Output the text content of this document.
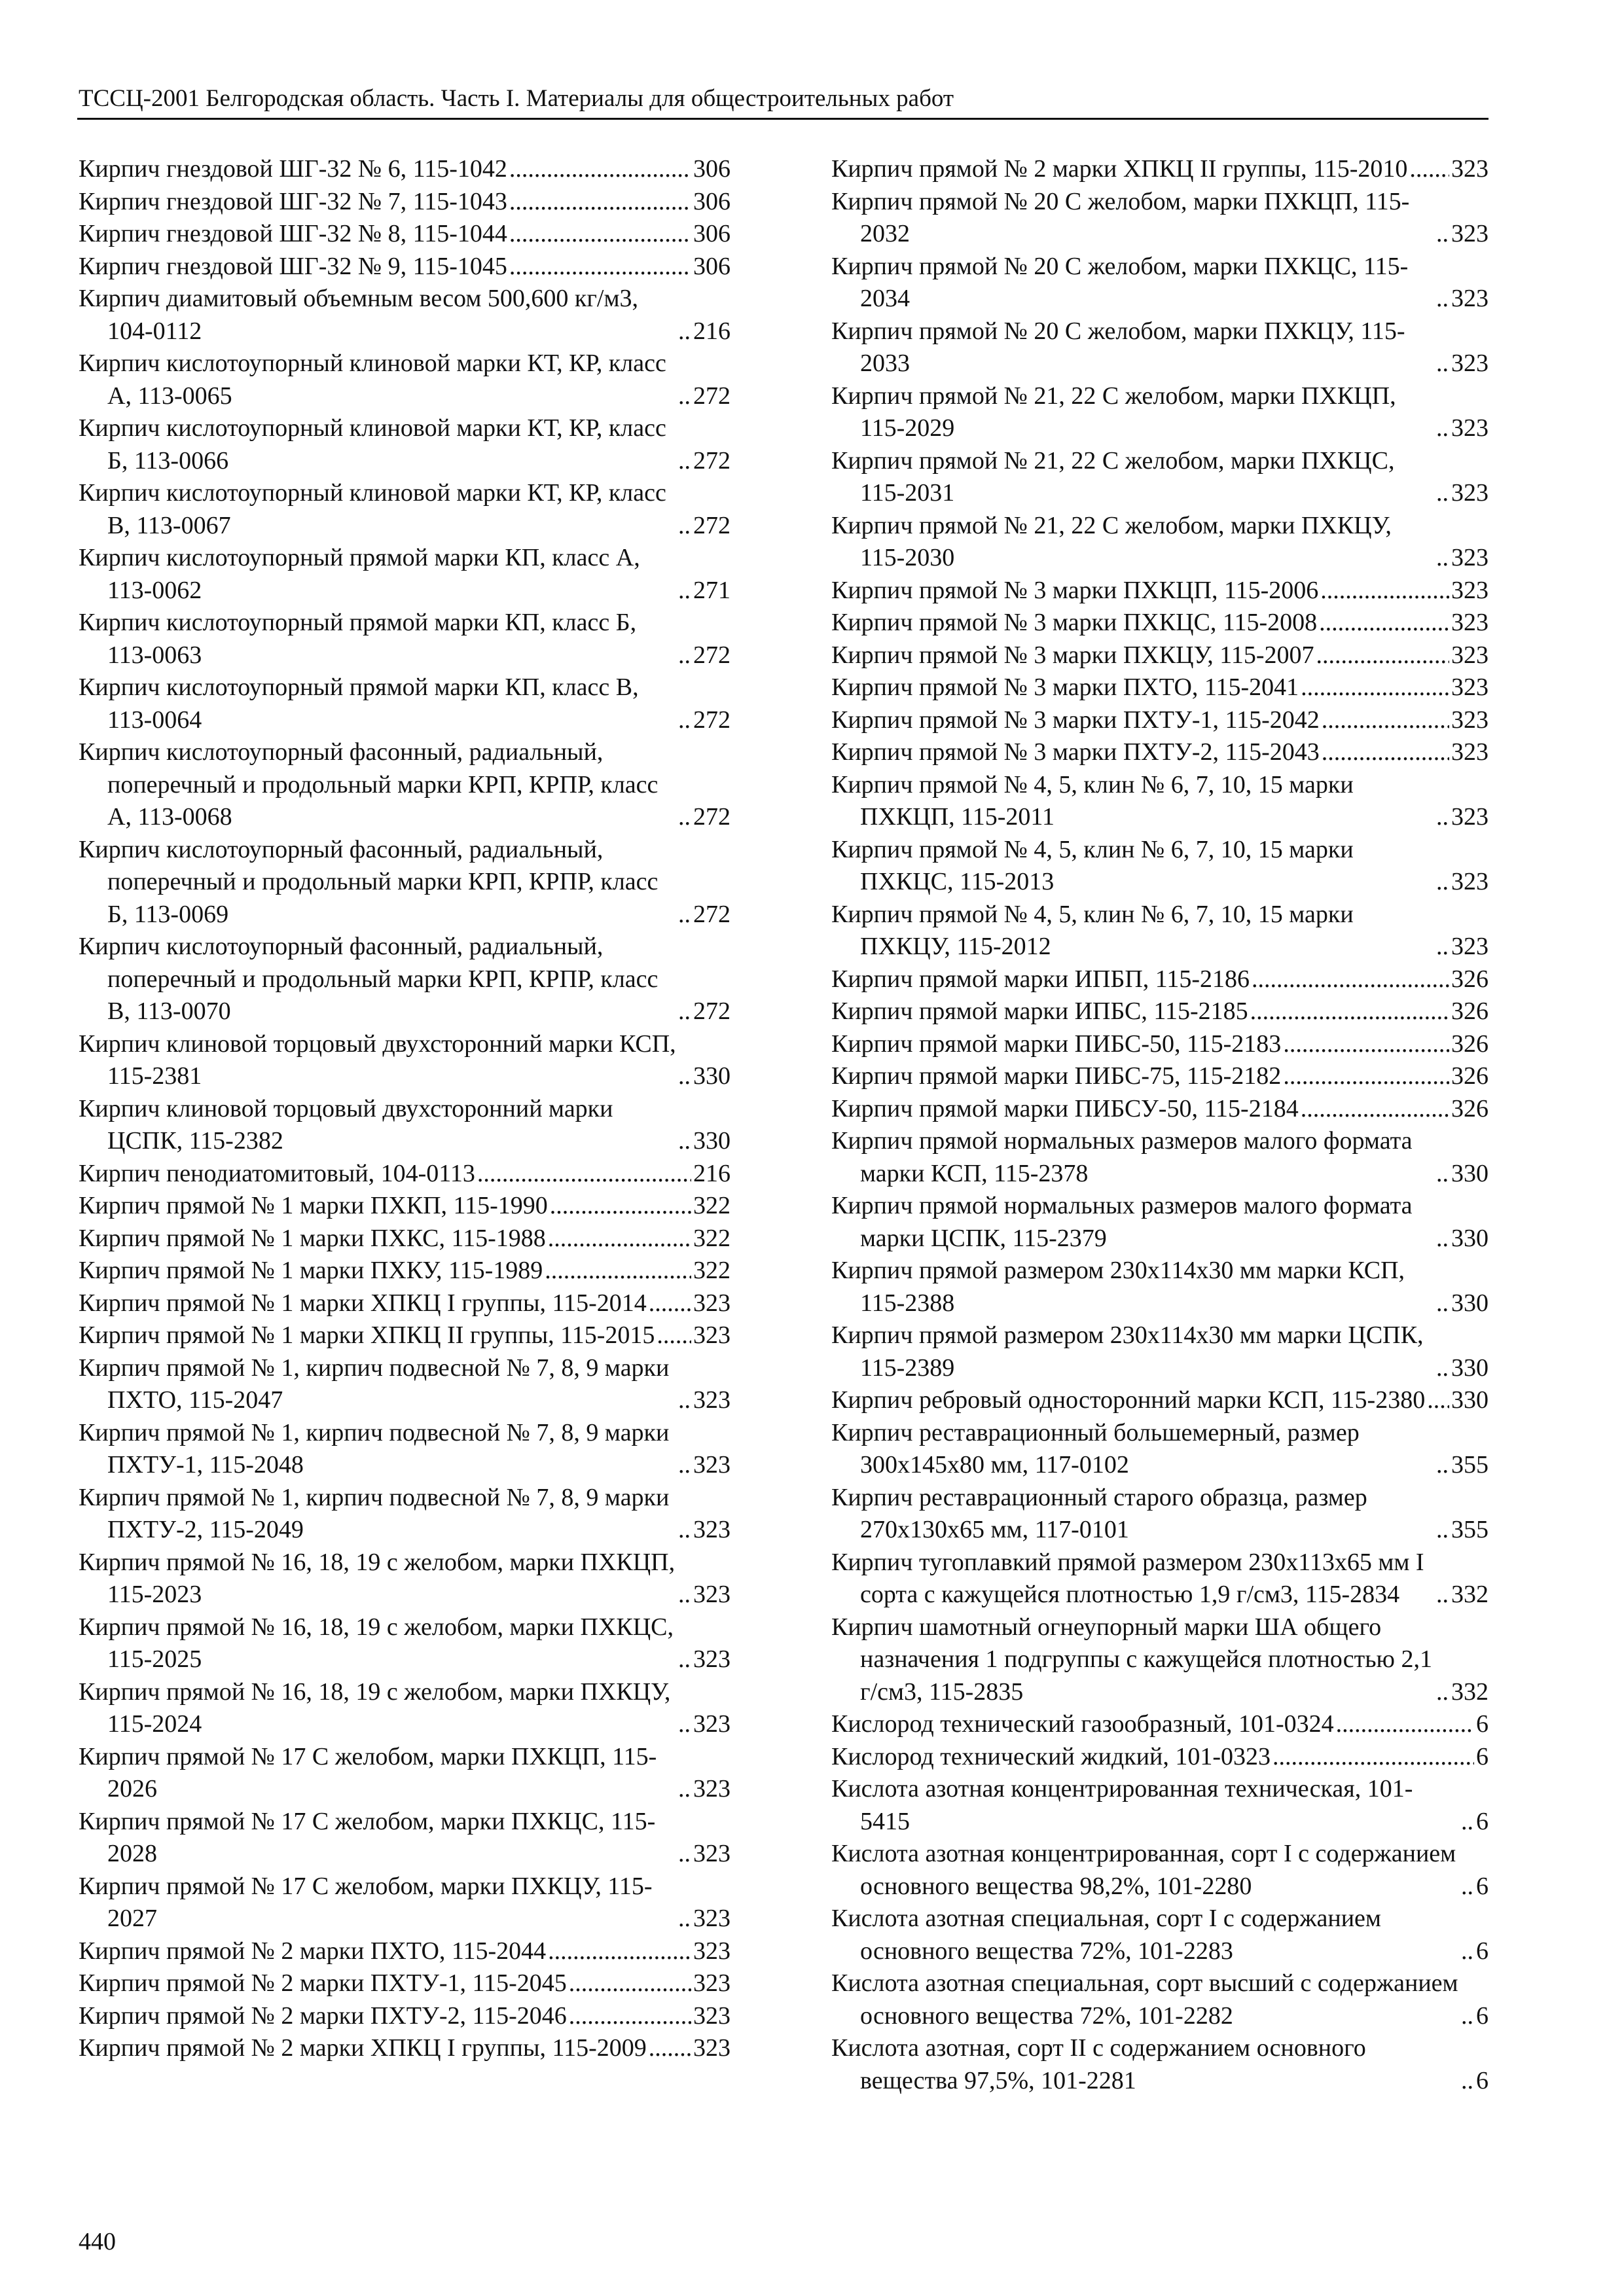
ТССЦ-2001 Белгородская область. Часть I. Материалы для общестроительных работ
Кирпич гнездовой ШГ-32 № 6, 115-1042 .....	306
Кирпич гнездовой ШГ-32 № 7, 115-1043 .....	306
Кирпич гнездовой ШГ-32 № 8, 115-1044 .....	306
Кирпич гнездовой ШГ-32 № 9, 115-1045 .....	306
Кирпич диамитовый объемным весом 500,600 кг/м3, 104-0112 .....	216
Кирпич кислотоупорный клиновой марки КТ, КР, класс А, 113-0065 .....	272
Кирпич кислотоупорный клиновой марки КТ, КР, класс Б, 113-0066 .....	272
Кирпич кислотоупорный клиновой марки КТ, КР, класс В, 113-0067 .....	272
Кирпич кислотоупорный прямой марки КП, класс А, 113-0062 .....	271
Кирпич кислотоупорный прямой марки КП, класс Б, 113-0063 .....	272
Кирпич кислотоупорный прямой марки КП, класс В, 113-0064 .....	272
Кирпич кислотоупорный фасонный, радиальный, поперечный и продольный марки КРП, КРПР, класс А, 113-0068 .....	272
Кирпич кислотоупорный фасонный, радиальный, поперечный и продольный марки КРП, КРПР, класс Б, 113-0069 .....	272
Кирпич кислотоупорный фасонный, радиальный, поперечный и продольный марки КРП, КРПР, класс В, 113-0070 .....	272
Кирпич клиновой торцовый двухсторонний марки КСП, 115-2381 .....	330
Кирпич клиновой торцовый двухсторонний марки ЦСПК, 115-2382 .....	330
Кирпич пенодиатомитовый, 104-0113 .....	216
Кирпич прямой № 1 марки ПХКП, 115-1990 .....	322
Кирпич прямой № 1 марки ПХКС, 115-1988 .....	322
Кирпич прямой № 1 марки ПХКУ, 115-1989 .....	322
Кирпич прямой № 1 марки ХПКЦ I группы, 115-2014 ..... 323
Кирпич прямой № 1 марки ХПКЦ II группы, 115-2015 ..... 323
Кирпич прямой № 1, кирпич подвесной № 7, 8, 9 марки ПХТО, 115-2047 .....	323
Кирпич прямой № 1, кирпич подвесной № 7, 8, 9 марки ПХТУ-1, 115-2048 .....	323
Кирпич прямой № 1, кирпич подвесной № 7, 8, 9 марки ПХТУ-2, 115-2049 .....	323
Кирпич прямой № 16, 18, 19 с желобом, марки ПХКЦП, 115-2023 .....	323
Кирпич прямой № 16, 18, 19 с желобом, марки ПХКЦС, 115-2025 .....	323
Кирпич прямой № 16, 18, 19 с желобом, марки ПХКЦУ, 115-2024 .....	323
Кирпич прямой № 17 С желобом, марки ПХКЦП, 115-2026 .....	323
Кирпич прямой № 17 С желобом, марки ПХКЦС, 115-2028 .....	323
Кирпич прямой № 17 С желобом, марки ПХКЦУ, 115-2027 .....	323
Кирпич прямой № 2 марки ПХТО, 115-2044 .....	323
Кирпич прямой № 2 марки ПХТУ-1, 115-2045 .....	323
Кирпич прямой № 2 марки ПХТУ-2, 115-2046 .....	323
Кирпич прямой № 2 марки ХПКЦ I группы, 115-2009 ..... 323
Кирпич прямой № 2 марки ХПКЦ II группы, 115-2010 ..... 323
Кирпич прямой № 20 С желобом, марки ПХКЦП, 115-2032 .....	323
Кирпич прямой № 20 С желобом, марки ПХКЦС, 115-2034 .....	323
Кирпич прямой № 20 С желобом, марки ПХКЦУ, 115-2033 .....	323
Кирпич прямой № 21, 22 С желобом, марки ПХКЦП, 115-2029 .....	323
Кирпич прямой № 21, 22 С желобом, марки ПХКЦС, 115-2031 .....	323
Кирпич прямой № 21, 22 С желобом, марки ПХКЦУ, 115-2030 .....	323
Кирпич прямой № 3 марки ПХКЦП, 115-2006 .....	323
Кирпич прямой № 3 марки ПХКЦС, 115-2008 .....	323
Кирпич прямой № 3 марки ПХКЦУ, 115-2007 .....	323
Кирпич прямой № 3 марки ПХТО, 115-2041 .....	323
Кирпич прямой № 3 марки ПХТУ-1, 115-2042 .....	323
Кирпич прямой № 3 марки ПХТУ-2, 115-2043 .....	323
Кирпич прямой № 4, 5, клин № 6, 7, 10, 15 марки ПХКЦП, 115-2011 .....	323
Кирпич прямой № 4, 5, клин № 6, 7, 10, 15 марки ПХКЦС, 115-2013 .....	323
Кирпич прямой № 4, 5, клин № 6, 7, 10, 15 марки ПХКЦУ, 115-2012 .....	323
Кирпич прямой марки ИПБП, 115-2186 .....	326
Кирпич прямой марки ИПБС, 115-2185 .....	326
Кирпич прямой марки ПИБС-50, 115-2183 .....	326
Кирпич прямой марки ПИБС-75, 115-2182 .....	326
Кирпич прямой марки ПИБСУ-50, 115-2184 .....	326
Кирпич прямой нормальных размеров малого формата марки КСП, 115-2378 .....	330
Кирпич прямой нормальных размеров малого формата марки ЦСПК, 115-2379 .....	330
Кирпич прямой размером 230x114x30 мм марки КСП, 115-2388 .....	330
Кирпич прямой размером 230x114x30 мм марки ЦСПК, 115-2389 .....	330
Кирпич ребровый односторонний марки КСП, 115-2380 ..... 330
Кирпич реставрационный большемерный, размер 300x145x80 мм, 117-0102 .....	355
Кирпич реставрационный старого образца, размер 270x130x65 мм, 117-0101 .....	355
Кирпич тугоплавкий прямой размером 230x113x65 мм I сорта с кажущейся плотностью 1,9 г/см3, 115-2834 .....	332
Кирпич шамотный огнеупорный марки ША общего назначения 1 подгруппы с кажущейся плотностью 2,1 г/см3, 115-2835 .....	332
Кислород технический газообразный, 101-0324 .....	6
Кислород технический жидкий, 101-0323 .....	6
Кислота азотная концентрированная техническая, 101-5415 .....	6
Кислота азотная концентрированная, сорт I с содержанием основного вещества 98,2%, 101-2280 .....	6
Кислота азотная специальная, сорт I с содержанием основного вещества 72%, 101-2283 .....	6
Кислота азотная специальная, сорт высший с содержанием основного вещества 72%, 101-2282 .....	6
Кислота азотная, сорт II с содержанием основного вещества 97,5%, 101-2281 .....	6
440
